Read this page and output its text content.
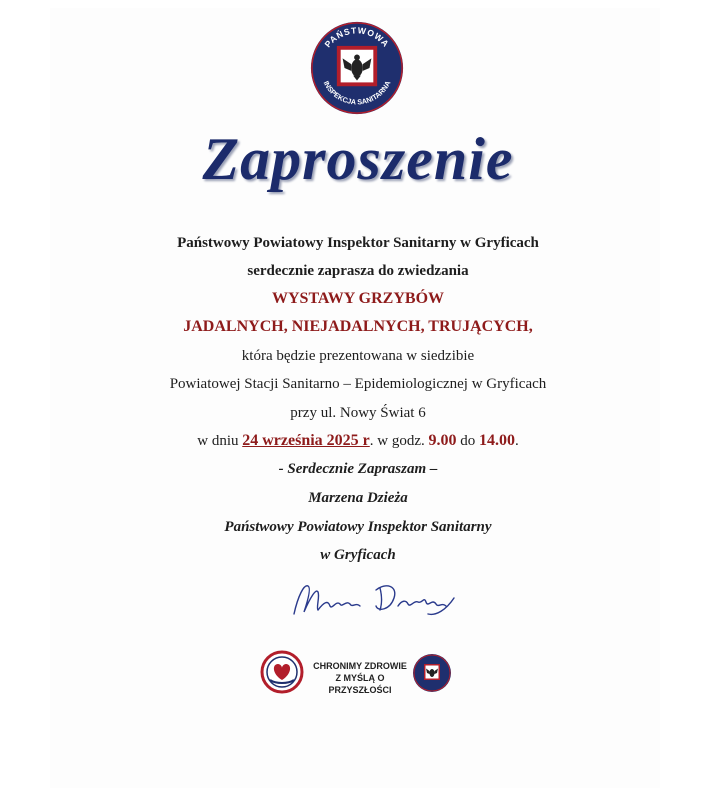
PAŃSTWOWA
INSPEKCJA SANITARNA
Zaproszenie
Państwowy Powiatowy Inspektor Sanitarny w Gryficach
serdecznie zaprasza do zwiedzania
WYSTAWY GRZYBÓW
JADALNYCH, NIEJADALNYCH, TRUJĄCYCH,
która będzie prezentowana w siedzibie
Powiatowej Stacji Sanitarno – Epidemiologicznej w Gryficach
przy ul. Nowy Świat 6
w dniu 24 września 2025 r. w godz. 9.00 do 14.00.
- Serdecznie Zapraszam –
Marzena Dzieża
Państwowy Powiatowy Inspektor Sanitarny
w Gryficach
CHRONIMY ZDROWIE
Z MYŚLĄ O PRZYSZŁOŚCI
